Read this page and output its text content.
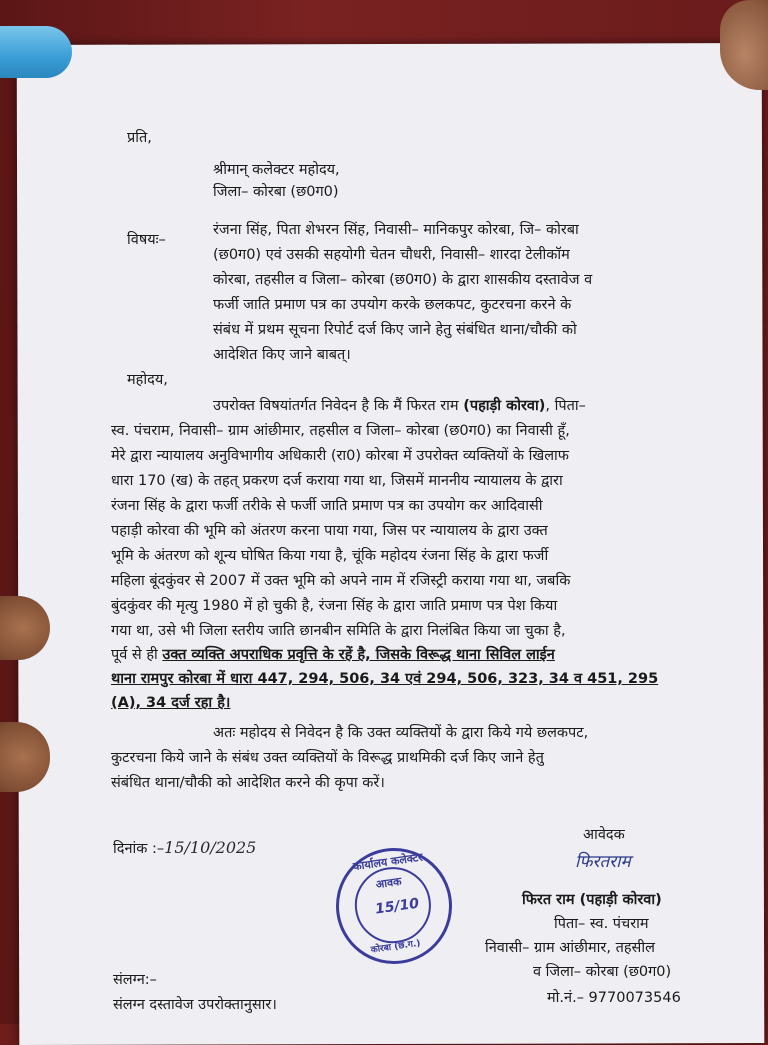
प्रति,
श्रीमान् कलेक्टर महोदय,
जिला– कोरबा (छ0ग0)
विषयः–
रंजना सिंह, पिता शेभरन सिंह, निवासी– मानिकपुर कोरबा, जि– कोरबा
(छ0ग0) एवं उसकी सहयोगी चेतन चौधरी, निवासी– शारदा टेलीकॉम
कोरबा, तहसील व जिला– कोरबा (छ0ग0) के द्वारा शासकीय दस्तावेज व
फर्जी जाति प्रमाण पत्र का उपयोग करके छलकपट, कुटरचना करने के
संबंध में प्रथम सूचना रिपोर्ट दर्ज किए जाने हेतु संबंधित थाना/चौकी को
आदेशित किए जाने बाबत्।
महोदय,
उपरोक्त विषयांतर्गत निवेदन है कि मैं फिरत राम (पहाड़ी कोरवा), पिता–
स्व. पंचराम, निवासी– ग्राम आंछीमार, तहसील व जिला– कोरबा (छ0ग0) का निवासी हूँ,
मेरे द्वारा न्यायालय अनुविभागीय अधिकारी (रा0) कोरबा में उपरोक्त व्यक्तियों के खिलाफ
धारा 170 (ख) के तहत् प्रकरण दर्ज कराया गया था, जिसमें माननीय न्यायालय के द्वारा
रंजना सिंह के द्वारा फर्जी तरीके से फर्जी जाति प्रमाण पत्र का उपयोग कर आदिवासी
पहाड़ी कोरवा की भूमि को अंतरण करना पाया गया, जिस पर न्यायालय के द्वारा उक्त
भूमि के अंतरण को शून्य घोषित किया गया है, चूंकि महोदय रंजना सिंह के द्वारा फर्जी
महिला बूंदकुंवर से 2007 में उक्त भूमि को अपने नाम में रजिस्ट्री कराया गया था, जबकि
बुंदकुंवर की मृत्यु 1980 में हो चुकी है, रंजना सिंह के द्वारा जाति प्रमाण पत्र पेश किया
गया था, उसे भी जिला स्तरीय जाति छानबीन समिति के द्वारा निलंबित किया जा चुका है,
पूर्व से ही उक्त व्यक्ति अपराधिक प्रवृत्ति के रहें है, जिसके विरूद्ध थाना सिविल लाईन
थाना रामपुर कोरबा में धारा 447, 294, 506, 34 एवं 294, 506, 323, 34 व 451, 295
(A), 34 दर्ज रहा है।
अतः महोदय से निवेदन है कि उक्त व्यक्तियों के द्वारा किये गये छलकपट,
कुटरचना किये जाने के संबंध उक्त व्यक्तियों के विरूद्ध प्राथमिकी दर्ज किए जाने हेतु
संबंधित थाना/चौकी को आदेशित करने की कृपा करें।
दिनांक :–15/10/2025
आवेदक
फिरतराम
फिरत राम (पहाड़ी कोरवा)
पिता– स्व. पंचराम
निवासी– ग्राम आंछीमार, तहसील
व जिला– कोरबा (छ0ग0)
मो.नं.– 9770073546
संलग्न:–
संलग्न दस्तावेज उपरोक्तानुसार।
कार्यालय कलेक्टर
आवक
15/10
कोरबा (छ.ग.)
